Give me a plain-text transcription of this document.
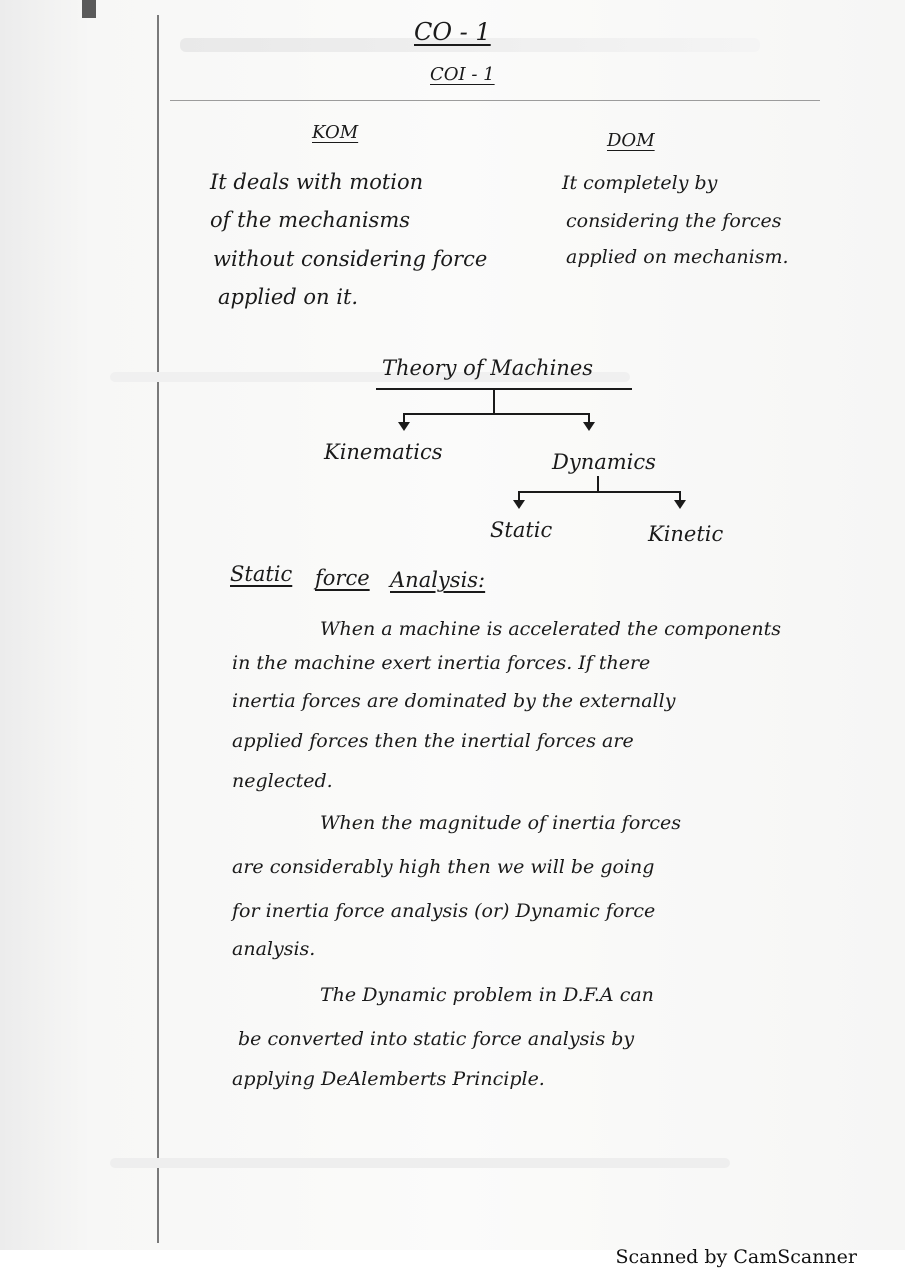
CO - 1
COI - 1
KOM
It deals with motion
of the mechanisms
without considering force
applied on it.
DOM
It completely by
considering the forces
applied on mechanism.
Theory of Machines
Kinematics	Dynamics
Static	Kinetic
Static force Analysis:
When a machine is accelerated the components
in the machine exert inertia forces. If there
inertia forces are dominated by the externally
applied forces then the inertial forces are
neglected.
When the magnitude of inertia forces
are considerably high then we will be going
for inertia force analysis (or) Dynamic force
analysis.
The Dynamic problem in D.F.A can
be converted into static force analysis by
applying DeAlemberts Principle.
Scanned by CamScanner
